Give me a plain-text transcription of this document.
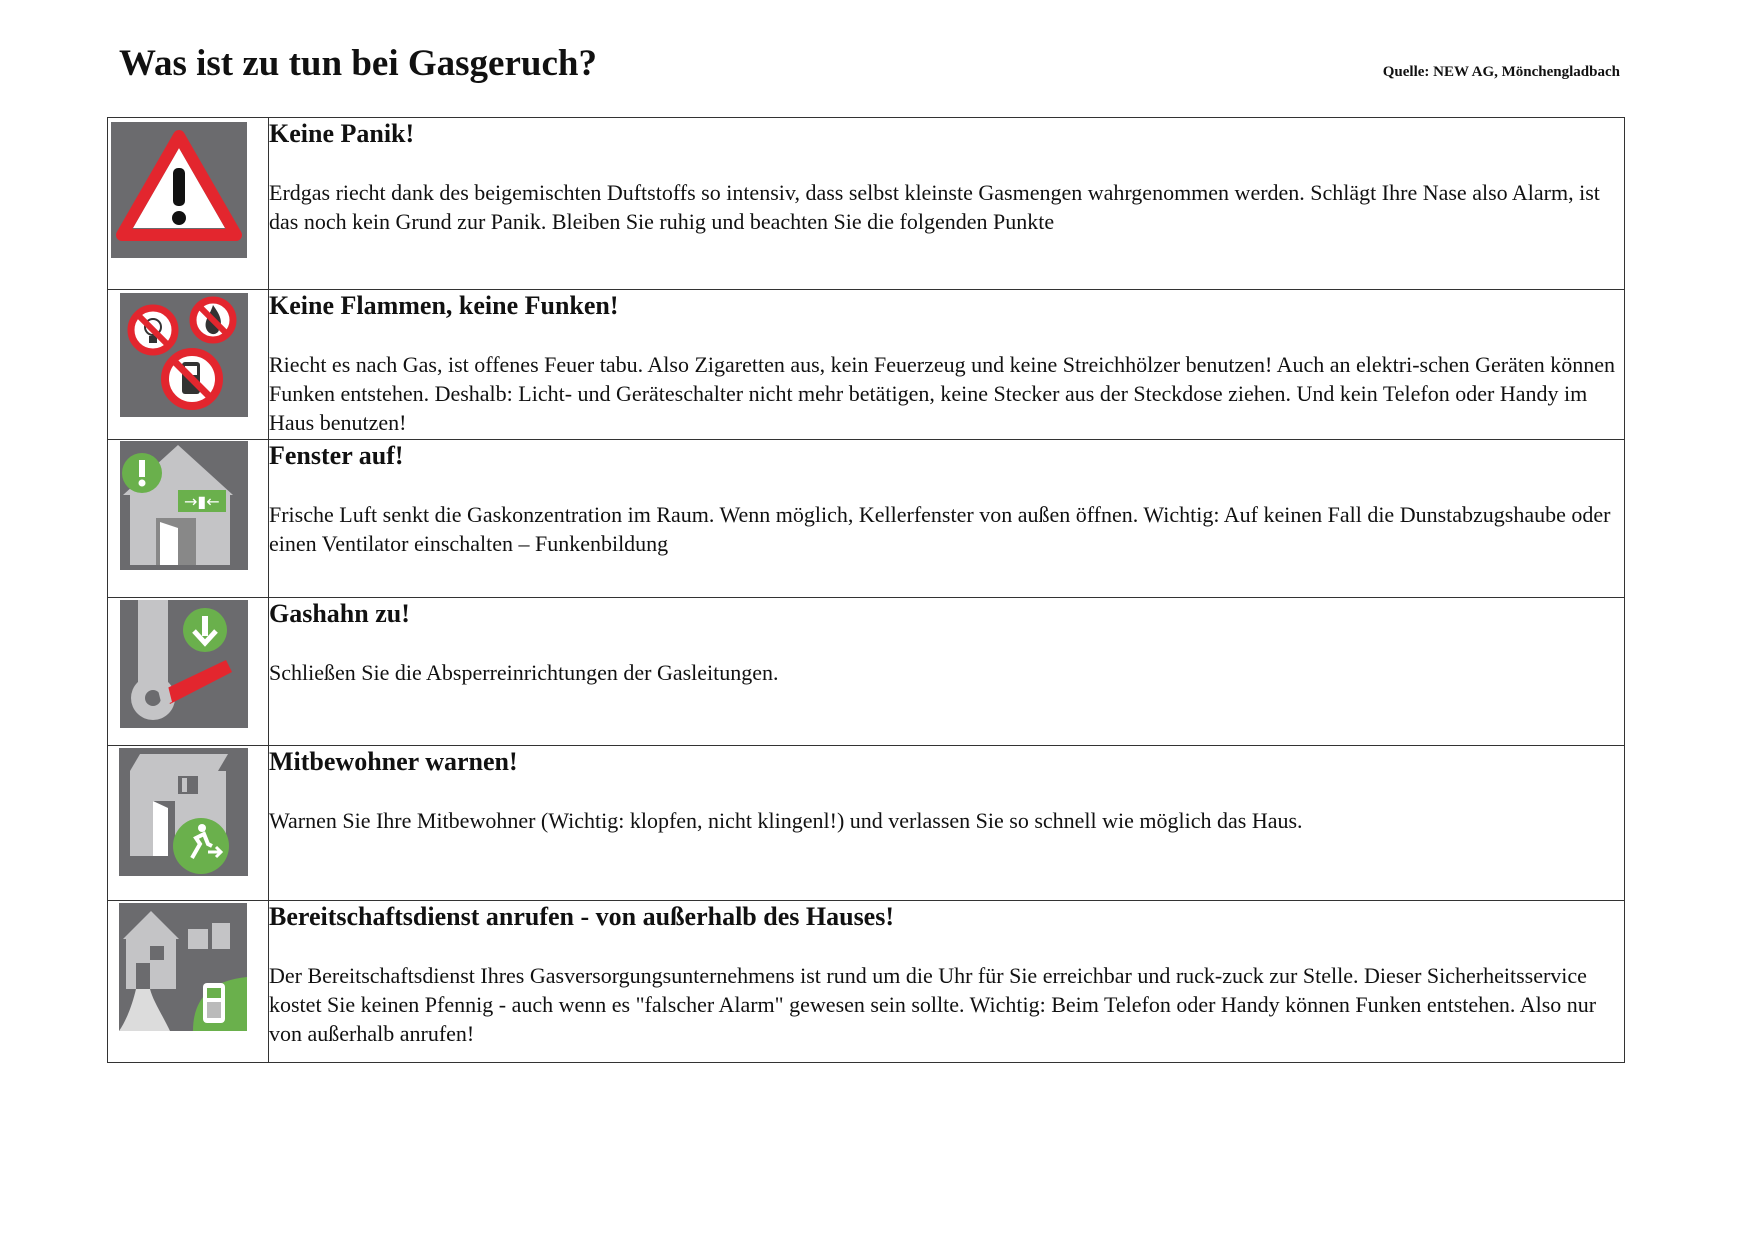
Was ist zu tun bei Gasgeruch?	Quelle: NEW AG, Mönchengladbach

Keine Panik!

Erdgas riecht dank des beigemischten Duftstoffs so intensiv, dass selbst kleinste Gasmengen wahrgenommen werden. Schlägt Ihre Nase also Alarm, ist das noch kein Grund zur Panik. Bleiben Sie ruhig und beachten Sie die folgenden Punkte

Keine Flammen, keine Funken!

Riecht es nach Gas, ist offenes Feuer tabu. Also Zigaretten aus, kein Feuerzeug und keine Streichhölzer benutzen! Auch an elektri-schen Geräten können Funken entstehen. Deshalb: Licht- und Geräteschalter nicht mehr betätigen, keine Stecker aus der Steckdose ziehen. Und kein Telefon oder Handy im Haus benutzen!

→▮←	Fenster auf!

Frische Luft senkt die Gaskonzentration im Raum. Wenn möglich, Kellerfenster von außen öffnen. Wichtig: Auf keinen Fall die Dunstabzugshaube oder einen Ventilator einschalten – Funkenbildung

Gashahn zu!

Schließen Sie die Absperreinrichtungen der Gasleitungen.

Mitbewohner warnen!

Warnen Sie Ihre Mitbewohner (Wichtig: klopfen, nicht klingenl!) und verlassen Sie so schnell wie möglich das Haus.

Bereitschaftsdienst anrufen - von außerhalb des Hauses!

Der Bereitschaftsdienst Ihres Gasversorgungsunternehmens ist rund um die Uhr für Sie erreichbar und ruck-zuck zur Stelle. Dieser Sicherheitsservice kostet Sie keinen Pfennig - auch wenn es "falscher Alarm" gewesen sein sollte. Wichtig: Beim Telefon oder Handy können Funken entstehen. Also nur von außerhalb anrufen!
